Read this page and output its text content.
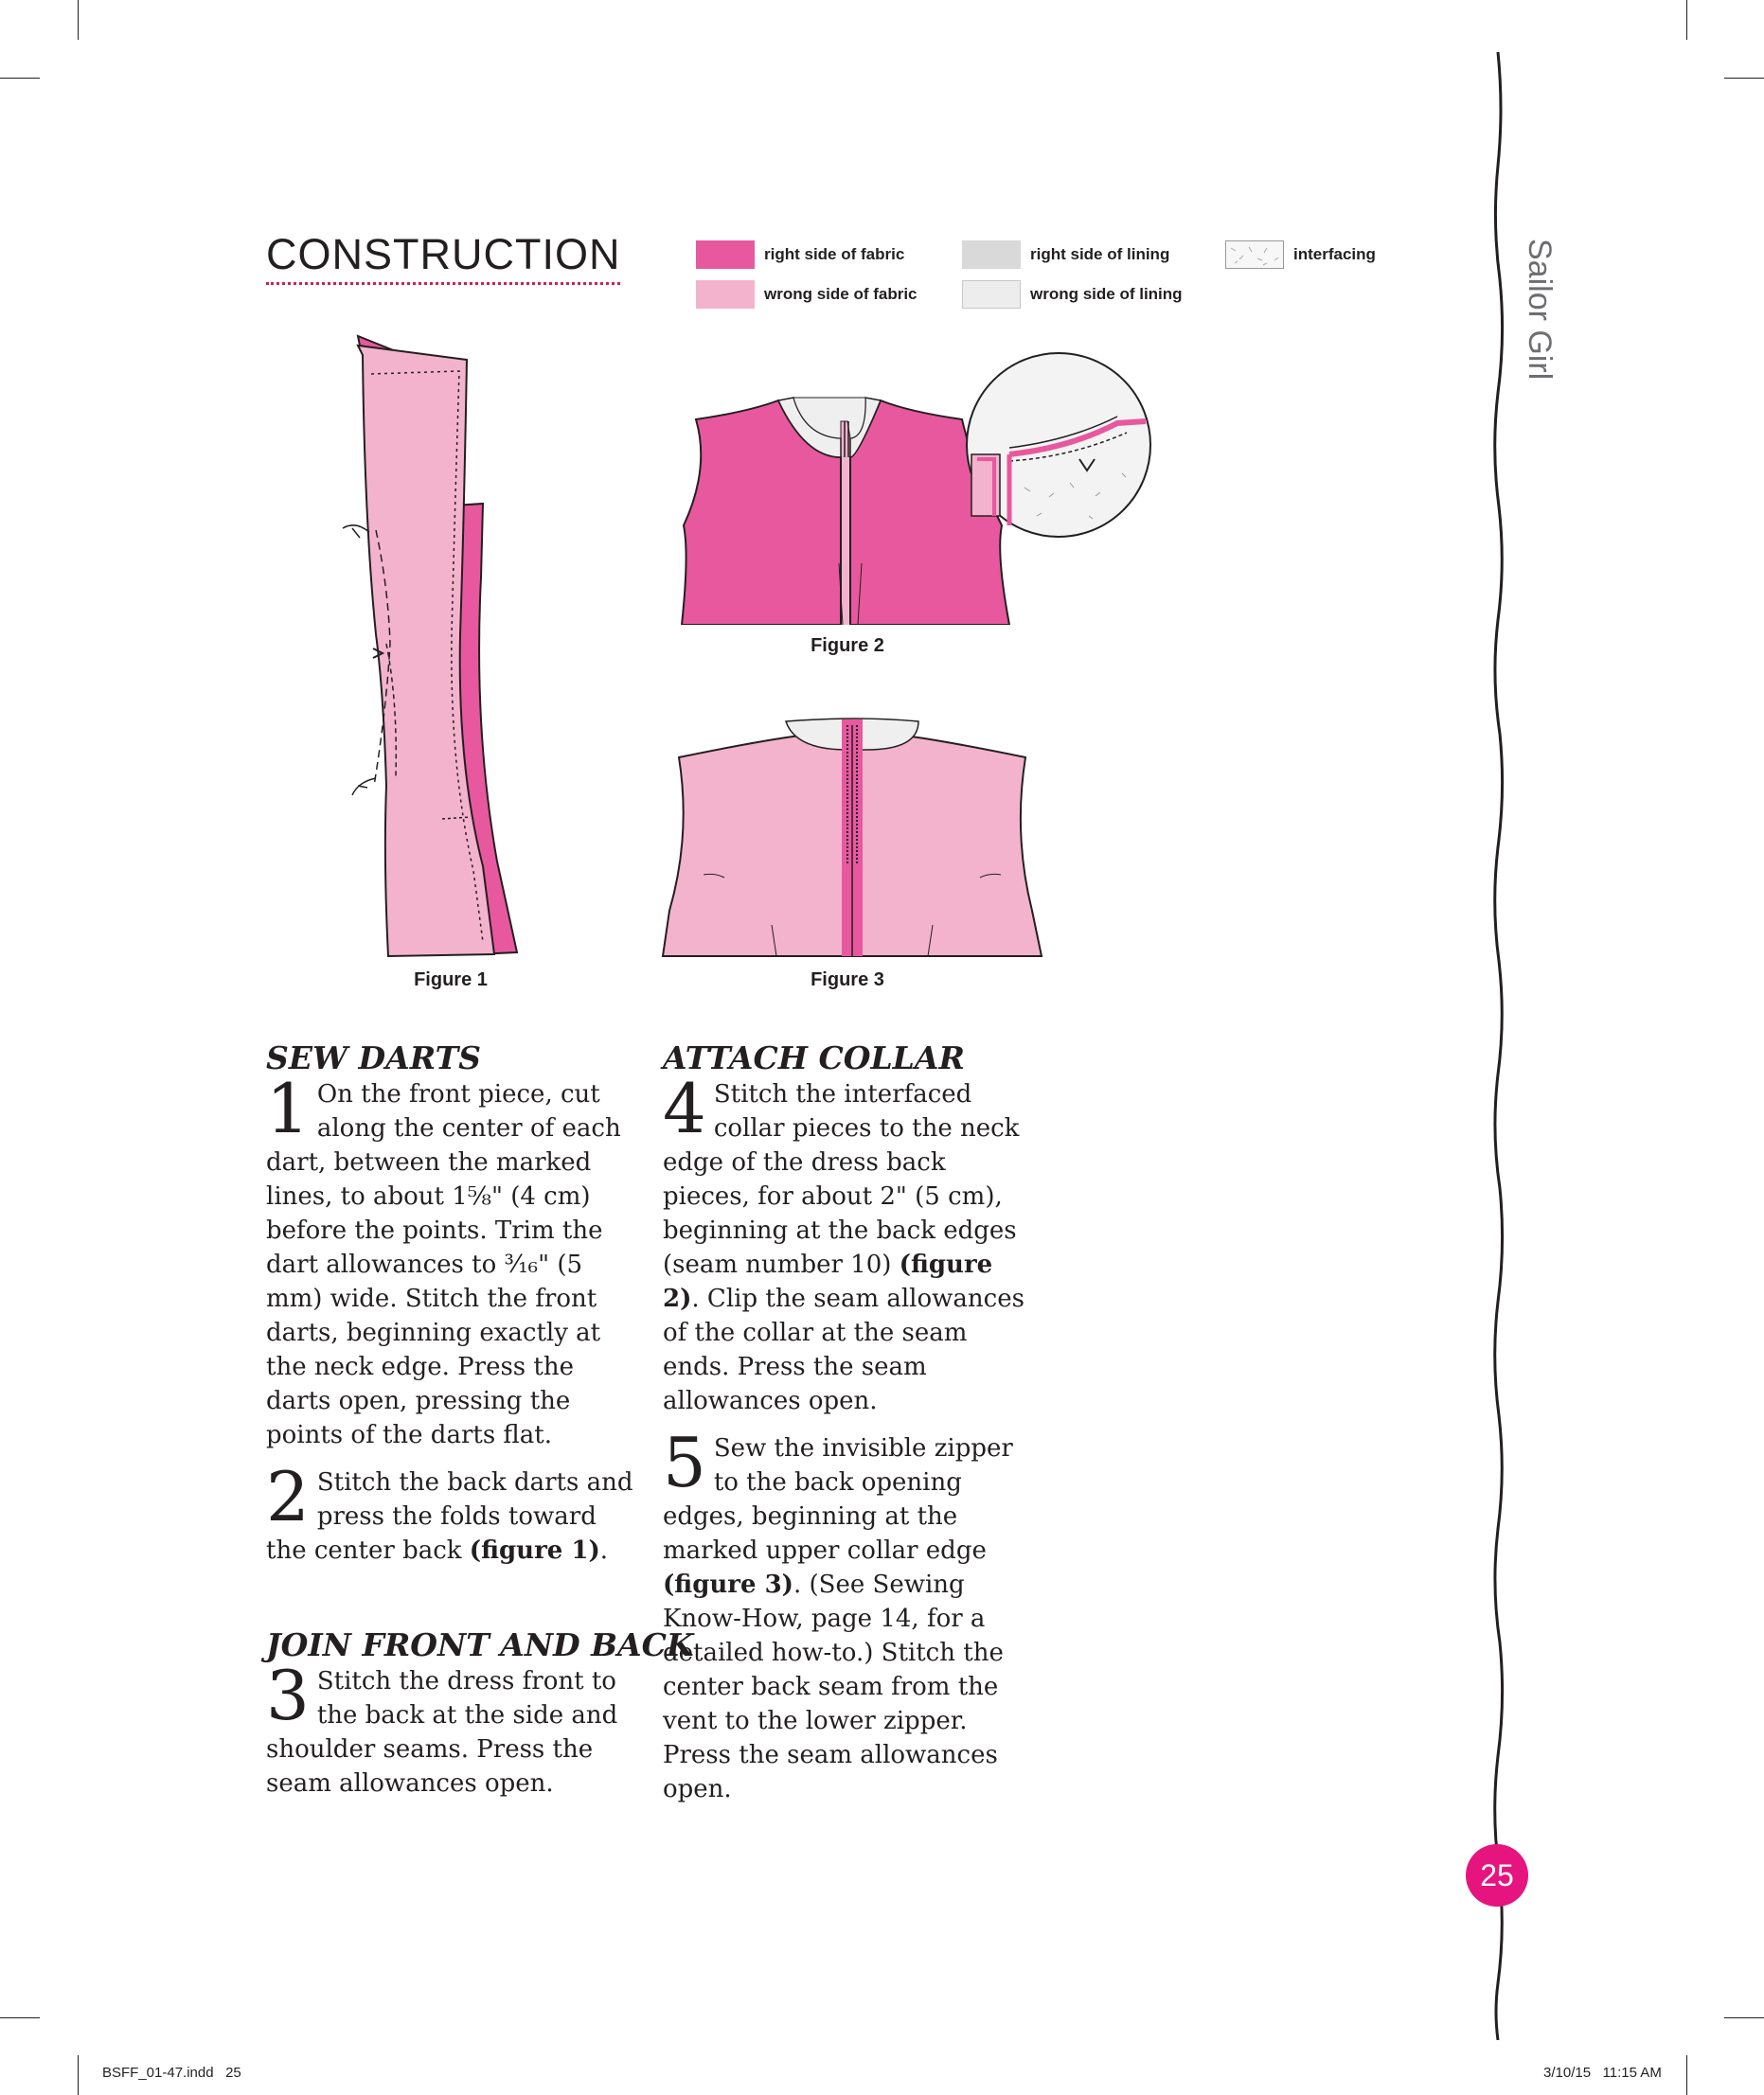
CONSTRUCTION	right side of fabric
wrong side of fabric
right side of lining
wrong side of lining
interfacing
Figure 1
Figure 2
Figure 3
SEW DARTS
1 On the front piece, cut along the center of each dart, between the marked lines, to about 1⅝" (4 cm) before the points. Trim the dart allowances to ³⁄₁₆" (5 mm) wide. Stitch the front darts, beginning exactly at the neck edge. Press the darts open, pressing the points of the darts flat.
2 Stitch the back darts and press the folds toward the center back (figure 1).
JOIN FRONT AND BACK
3 Stitch the dress front to the back at the side and shoulder seams. Press the seam allowances open.
ATTACH COLLAR
4 Stitch the interfaced collar pieces to the neck edge of the dress back pieces, for about 2" (5 cm), beginning at the back edges (seam number 10) (figure 2). Clip the seam allowances of the collar at the seam ends. Press the seam allowances open.
5 Sew the invisible zipper to the back opening edges, beginning at the marked upper collar edge (figure 3). (See Sewing Know-How, page 14, for a detailed how-to.) Stitch the center back seam from the vent to the lower zipper. Press the seam allowances open.
Sailor Girl
25
BSFF_01-47.indd   25	3/10/15   11:15 AM
